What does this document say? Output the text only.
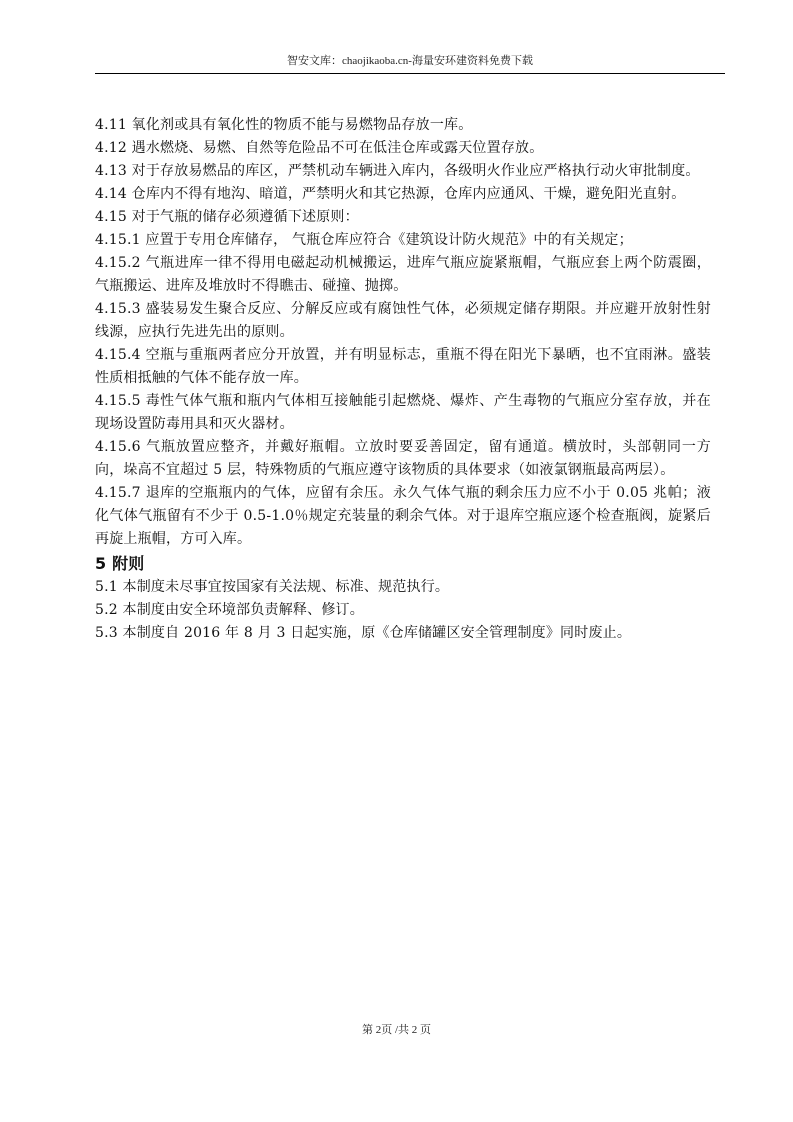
智安文库：chaojikaoba.cn-海量安环建资料免费下载

4.11 氧化剂或具有氧化性的物质不能与易燃物品存放一库。

4.12 遇水燃烧、易燃、自然等危险品不可在低洼仓库或露天位置存放。

4.13 对于存放易燃品的库区，严禁机动车辆进入库内，各级明火作业应严格执行动火审批制度。

4.14 仓库内不得有地沟、暗道，严禁明火和其它热源，仓库内应通风、干燥，避免阳光直射。

4.15 对于气瓶的储存必须遵循下述原则：

4.15.1 应置于专用仓库储存， 气瓶仓库应符合《建筑设计防火规范》中的有关规定；

4.15.2 气瓶进库一律不得用电磁起动机械搬运，进库气瓶应旋紧瓶帽，气瓶应套上两个防震圈，气瓶搬运、进库及堆放时不得瞧击、碰撞、抛掷。

4.15.3 盛装易发生聚合反应、分解反应或有腐蚀性气体，必须规定储存期限。并应避开放射性射线源，应执行先进先出的原则。

4.15.4 空瓶与重瓶两者应分开放置，并有明显标志，重瓶不得在阳光下暴晒，也不宜雨淋。盛装性质相抵触的气体不能存放一库。

4.15.5 毒性气体气瓶和瓶内气体相互接触能引起燃烧、爆炸、产生毒物的气瓶应分室存放，并在现场设置防毒用具和灭火器材。

4.15.6 气瓶放置应整齐，并戴好瓶帽。立放时要妥善固定，留有通道。横放时，头部朝同一方向，垛高不宜超过 5 层，特殊物质的气瓶应遵守该物质的具体要求（如液氯钢瓶最高两层）。

4.15.7 退库的空瓶瓶内的气体，应留有余压。永久气体气瓶的剩余压力应不小于 0.05 兆帕；液化气体气瓶留有不少于 0.5-1.0％规定充装量的剩余气体。对于退库空瓶应逐个检查瓶阀，旋紧后再旋上瓶帽，方可入库。

5 附则

5.1 本制度未尽事宜按国家有关法规、标准、规范执行。

5.2 本制度由安全环境部负责解释、修订。

5.3 本制度自 2016 年 8 月 3 日起实施，原《仓库储罐区安全管理制度》同时废止。

第 2页 /共 2 页
